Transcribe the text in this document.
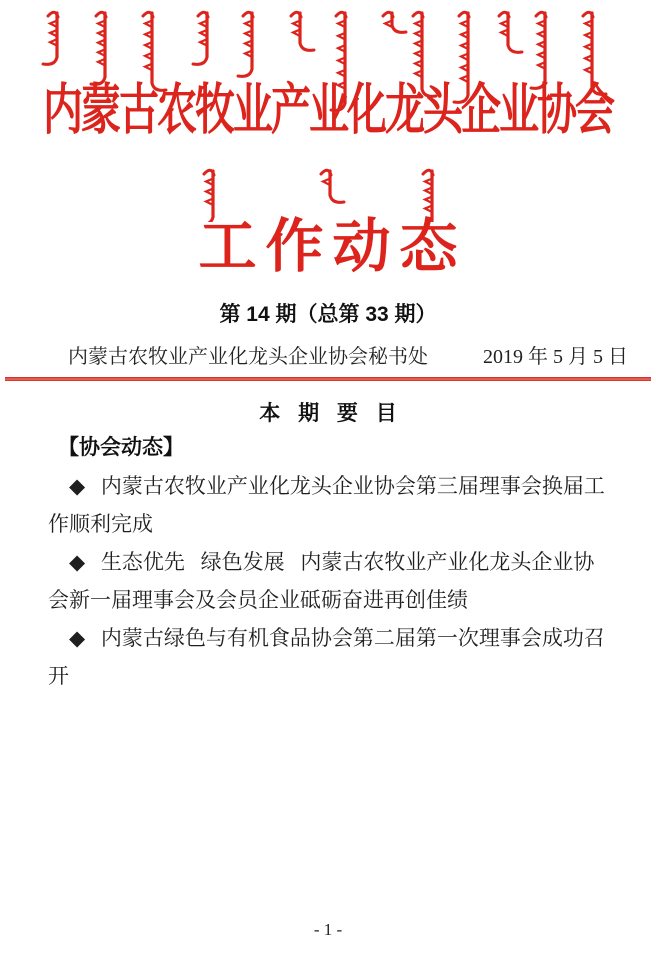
内蒙古农牧业产业化龙头企业协会
工作动态
第 14 期（总第 33 期）
内蒙古农牧业产业化龙头企业协会秘书处	2019 年 5 月 5 日
本 期 要 目
【协会动态】
◆   内蒙古农牧业产业化龙头企业协会第三届理事会换届工
作顺利完成
◆   生态优先   绿色发展   内蒙古农牧业产业化龙头企业协
会新一届理事会及会员企业砥砺奋进再创佳绩
◆   内蒙古绿色与有机食品协会第二届第一次理事会成功召
开
- 1 -
